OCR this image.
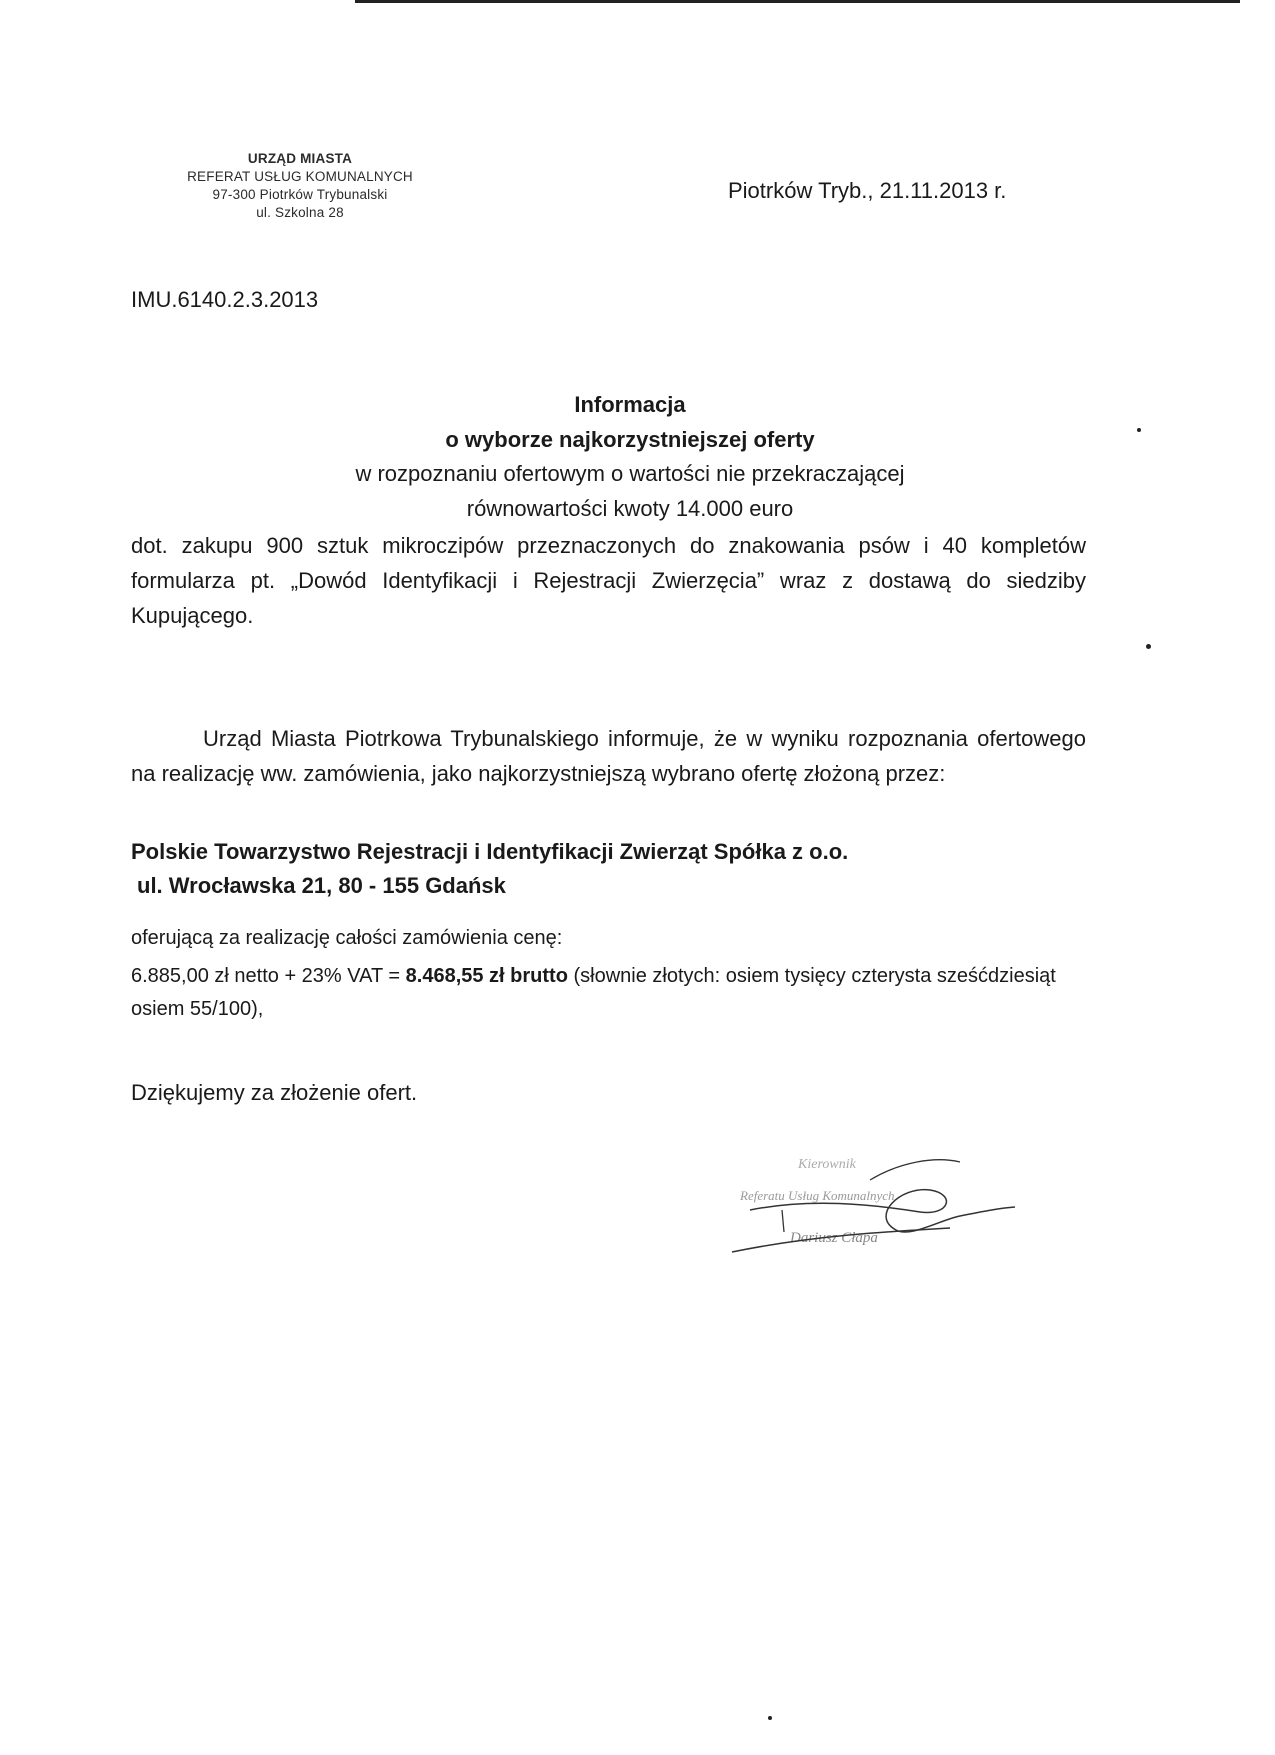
URZĄD MIASTA
REFERAT USŁUG KOMUNALNYCH
97-300 Piotrków Trybunalski
ul. Szkolna 28
Piotrków Tryb., 21.11.2013 r.
IMU.6140.2.3.2013
Informacja
o wyborze najkorzystniejszej oferty
w rozpoznaniu ofertowym o wartości nie przekraczającej
równowartości kwoty 14.000 euro
dot. zakupu 900 sztuk mikroczipów przeznaczonych do znakowania psów i 40 kompletów formularza pt. „Dowód Identyfikacji i Rejestracji Zwierzęcia” wraz z dostawą do siedziby Kupującego.
Urząd Miasta Piotrkowa Trybunalskiego informuje, że w wyniku rozpoznania ofertowego na realizację ww. zamówienia, jako najkorzystniejszą wybrano ofertę złożoną przez:
Polskie Towarzystwo Rejestracji i Identyfikacji Zwierząt Spółka z o.o.
ul. Wrocławska 21, 80 - 155 Gdańsk
oferującą za realizację całości zamówienia cenę:
6.885,00 zł netto + 23% VAT = 8.468,55 zł brutto (słownie złotych: osiem tysięcy czterysta sześćdziesiąt osiem 55/100),
Dziękujemy za złożenie ofert.
Kierownik
Referatu Usług Komunalnych
Dariusz Cłapa
